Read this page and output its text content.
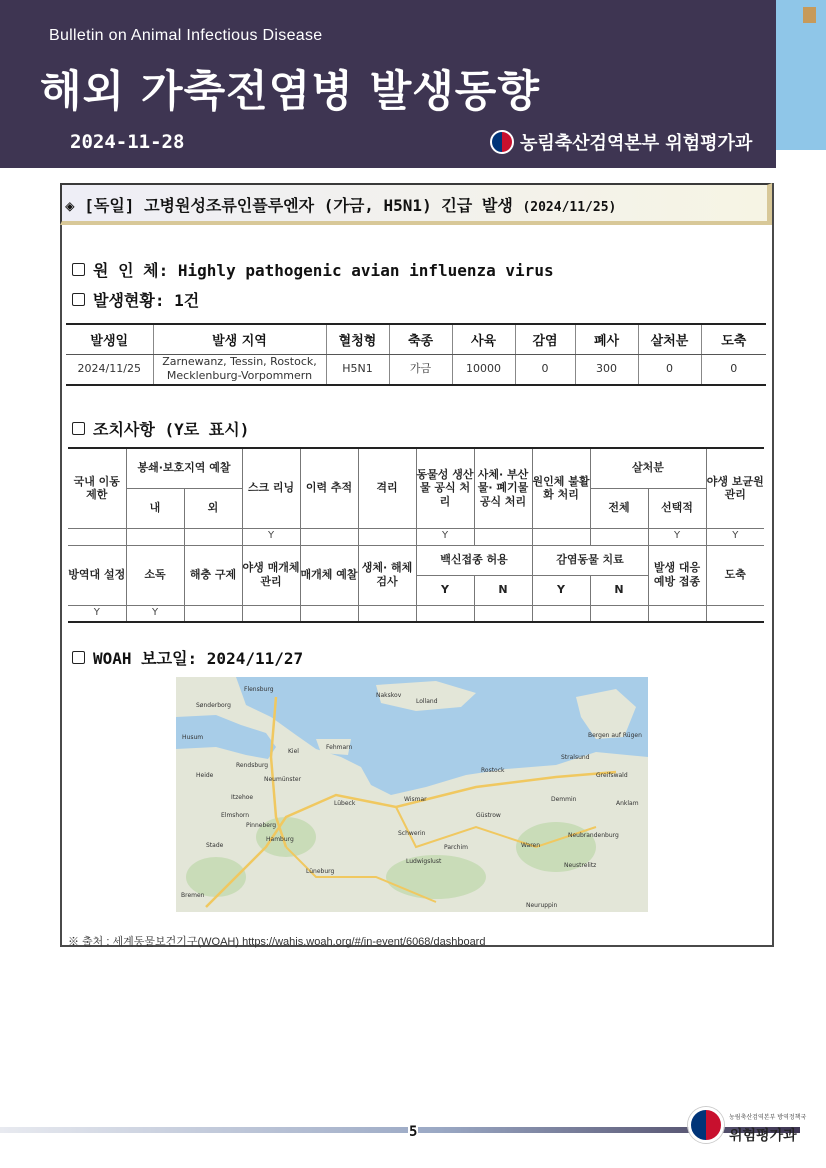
Bulletin on Animal Infectious Disease
해외 가축전염병 발생동향
2024-11-28	농림축산검역본부 위험평가과
◈ [독일] 고병원성조류인플루엔자 (가금, H5N1) 긴급 발생 (2024/11/25)
원 인 체: Highly pathogenic avian influenza virus
발생현황: 1건
발생일	발생 지역	혈청형	축종	사육	감염	폐사	살처분	도축
2024/11/25	Zarnewanz, Tessin, Rostock, Mecklenburg-Vorpommern	H5N1	가금	10000	0	300	0	0
조치사항 (Y로 표시)
국내 이동 제한	봉쇄·보호지역 예찰		스크 리닝	이력 추적	격리	동물성 생산물 공식 처리	사체· 부산물· 폐기물 공식 처리	원인체 불활화 처리	살처분		야생 보균원 관리
	내	외							전체	선택적	
			Y			Y				Y	Y
방역대 설정	소독	해충 구제	야생 매개체 관리	매개체 예찰	생체· 해체 검사	백신접종 허용		감염동물 치료		발생 대응 예방 접종	도축
						Y	N	Y	N		
Y	Y										
WOAH 보고일: 2024/11/27
Flensburg
Nakskov
Lolland
Sønderborg
Fehmarn
Rostock
Stralsund
Bergen auf Rügen
Kiel
Rendsburg
Neumünster
Lübeck
Wismar
Güstrow
Greifswald
Demmin
Anklam
Itzehoe
Pinneberg
Hamburg
Schwerin	Neubrandenburg
Neustrelitz
Ludwigslust
Parchim	Waren
Lüneburg
Neuruppin
Bremen
Husum
Elmshorn
Heide
Stade
※ 출처 : 세계동물보건기구(WOAH) https://wahis.woah.org/#/in-event/6068/dashboard
5
농림축산검역본부 방역정책국
위험평가과
